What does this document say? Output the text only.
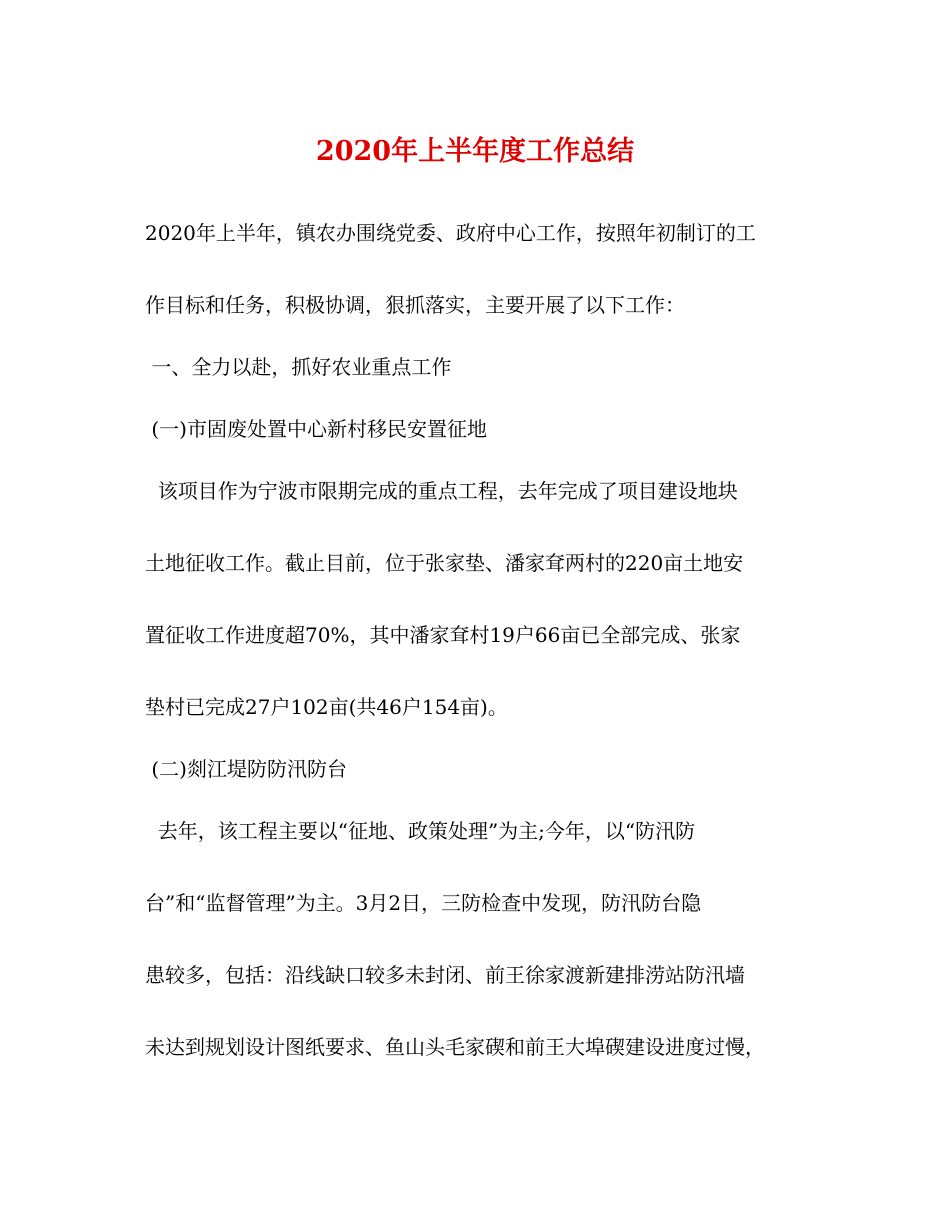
2020年上半年度工作总结
2020年上半年，镇农办围绕党委、政府中心工作，按照年初制订的工
作目标和任务，积极协调，狠抓落实，主要开展了以下工作：
一、全力以赴，抓好农业重点工作
(一)市固废处置中心新村移民安置征地
该项目作为宁波市限期完成的重点工程，去年完成了项目建设地块
土地征收工作。截止目前，位于张家垫、潘家耷两村的220亩土地安
置征收工作进度超70%，其中潘家耷村19户66亩已全部完成、张家
垫村已完成27户102亩(共46户154亩)。
(二)剡江堤防防汛防台
去年，该工程主要以“征地、政策处理”为主;今年，以“防汛防
台”和“监督管理”为主。3月2日，三防检查中发现，防汛防台隐
患较多，包括：沿线缺口较多未封闭、前王徐家渡新建排涝站防汛墙
未达到规划设计图纸要求、鱼山头毛家碶和前王大埠碶建设进度过慢，
